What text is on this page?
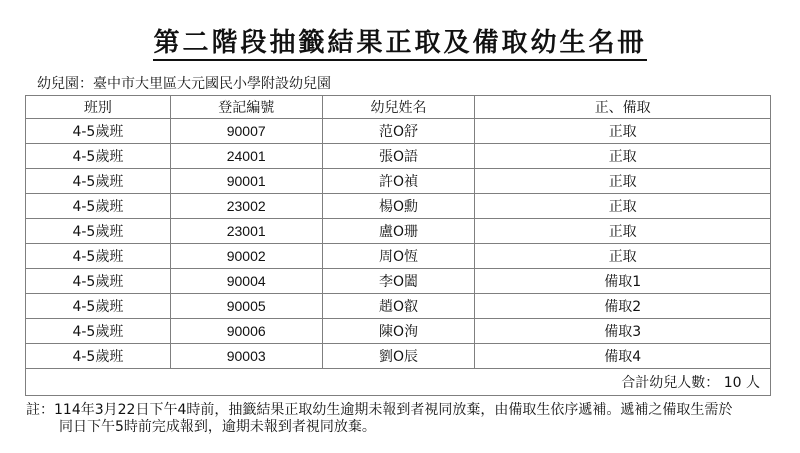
第二階段抽籤結果正取及備取幼生名冊
幼兒園：臺中市大里區大元國民小學附設幼兒園
班別	登記編號	幼兒姓名	正、備取
4-5歲班	90007	范O舒	正取
4-5歲班	24001	張O語	正取
4-5歲班	90001	許O禎	正取
4-5歲班	23002	楊O勳	正取
4-5歲班	23001	盧O珊	正取
4-5歲班	90002	周O恆	正取
4-5歲班	90004	李O闔	備取1
4-5歲班	90005	趙O叡	備取2
4-5歲班	90006	陳O洵	備取3
4-5歲班	90003	劉O辰	備取4
合計幼兒人數： 10 人			
註：114年3月22日下午4時前，抽籤結果正取幼生逾期未報到者視同放棄，由備取生依序遞補。遞補之備取生需於
同日下午5時前完成報到，逾期未報到者視同放棄。
